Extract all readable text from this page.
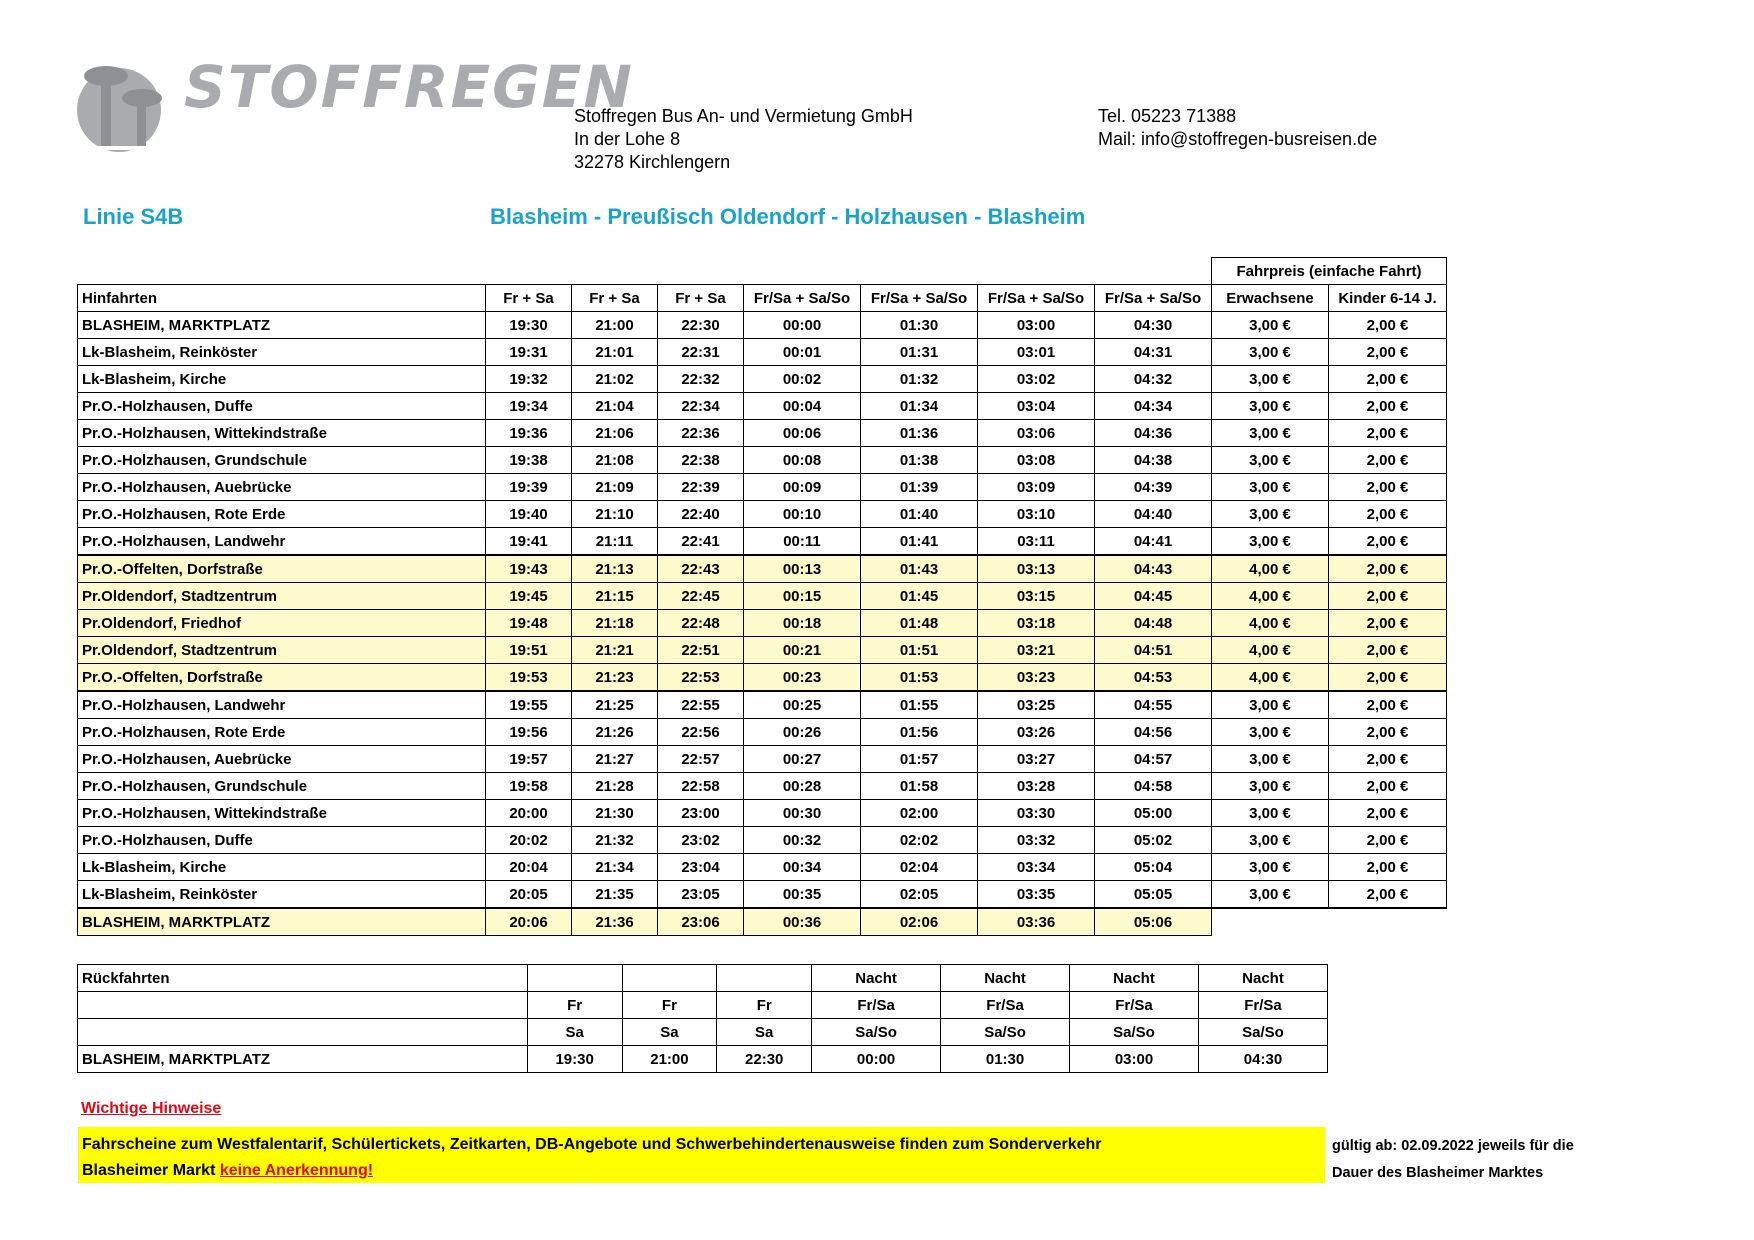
STOFFREGEN
Stoffregen Bus An- und Vermietung GmbH
In der Lohe 8
32278 Kirchlengern
Tel. 05223 71388
Mail: info@stoffregen-busreisen.de
Linie S4B	Blasheim - Preußisch Oldendorf - Holzhausen - Blasheim
								Fahrpreis (einfache Fahrt)	
Hinfahrten	Fr + Sa	Fr + Sa	Fr + Sa	Fr/Sa + Sa/So	Fr/Sa + Sa/So	Fr/Sa + Sa/So	Fr/Sa + Sa/So	Erwachsene	Kinder 6-14 J.
BLASHEIM, MARKTPLATZ	19:30	21:00	22:30	00:00	01:30	03:00	04:30	3,00 €	2,00 €
Lk-Blasheim, Reinköster	19:31	21:01	22:31	00:01	01:31	03:01	04:31	3,00 €	2,00 €
Lk-Blasheim, Kirche	19:32	21:02	22:32	00:02	01:32	03:02	04:32	3,00 €	2,00 €
Pr.O.-Holzhausen, Duffe	19:34	21:04	22:34	00:04	01:34	03:04	04:34	3,00 €	2,00 €
Pr.O.-Holzhausen, Wittekindstraße	19:36	21:06	22:36	00:06	01:36	03:06	04:36	3,00 €	2,00 €
Pr.O.-Holzhausen, Grundschule	19:38	21:08	22:38	00:08	01:38	03:08	04:38	3,00 €	2,00 €
Pr.O.-Holzhausen, Auebrücke	19:39	21:09	22:39	00:09	01:39	03:09	04:39	3,00 €	2,00 €
Pr.O.-Holzhausen, Rote Erde	19:40	21:10	22:40	00:10	01:40	03:10	04:40	3,00 €	2,00 €
Pr.O.-Holzhausen, Landwehr	19:41	21:11	22:41	00:11	01:41	03:11	04:41	3,00 €	2,00 €
Pr.O.-Offelten, Dorfstraße	19:43	21:13	22:43	00:13	01:43	03:13	04:43	4,00 €	2,00 €
Pr.Oldendorf, Stadtzentrum	19:45	21:15	22:45	00:15	01:45	03:15	04:45	4,00 €	2,00 €
Pr.Oldendorf, Friedhof	19:48	21:18	22:48	00:18	01:48	03:18	04:48	4,00 €	2,00 €
Pr.Oldendorf, Stadtzentrum	19:51	21:21	22:51	00:21	01:51	03:21	04:51	4,00 €	2,00 €
Pr.O.-Offelten, Dorfstraße	19:53	21:23	22:53	00:23	01:53	03:23	04:53	4,00 €	2,00 €
Pr.O.-Holzhausen, Landwehr	19:55	21:25	22:55	00:25	01:55	03:25	04:55	3,00 €	2,00 €
Pr.O.-Holzhausen, Rote Erde	19:56	21:26	22:56	00:26	01:56	03:26	04:56	3,00 €	2,00 €
Pr.O.-Holzhausen, Auebrücke	19:57	21:27	22:57	00:27	01:57	03:27	04:57	3,00 €	2,00 €
Pr.O.-Holzhausen, Grundschule	19:58	21:28	22:58	00:28	01:58	03:28	04:58	3,00 €	2,00 €
Pr.O.-Holzhausen, Wittekindstraße	20:00	21:30	23:00	00:30	02:00	03:30	05:00	3,00 €	2,00 €
Pr.O.-Holzhausen, Duffe	20:02	21:32	23:02	00:32	02:02	03:32	05:02	3,00 €	2,00 €
Lk-Blasheim, Kirche	20:04	21:34	23:04	00:34	02:04	03:34	05:04	3,00 €	2,00 €
Lk-Blasheim, Reinköster	20:05	21:35	23:05	00:35	02:05	03:35	05:05	3,00 €	2,00 €
BLASHEIM, MARKTPLATZ	20:06	21:36	23:06	00:36	02:06	03:36	05:06		
Rückfahrten				Nacht	Nacht	Nacht	Nacht
	Fr	Fr	Fr	Fr/Sa	Fr/Sa	Fr/Sa	Fr/Sa
	Sa	Sa	Sa	Sa/So	Sa/So	Sa/So	Sa/So
BLASHEIM, MARKTPLATZ	19:30	21:00	22:30	00:00	01:30	03:00	04:30
Wichtige Hinweise
Fahrscheine zum Westfalentarif, Schülertickets, Zeitkarten, DB-Angebote und Schwerbehindertenausweise finden zum Sonderverkehr
Blasheimer Markt keine Anerkennung!
gültig ab: 02.09.2022 jeweils für die
Dauer des Blasheimer Marktes
